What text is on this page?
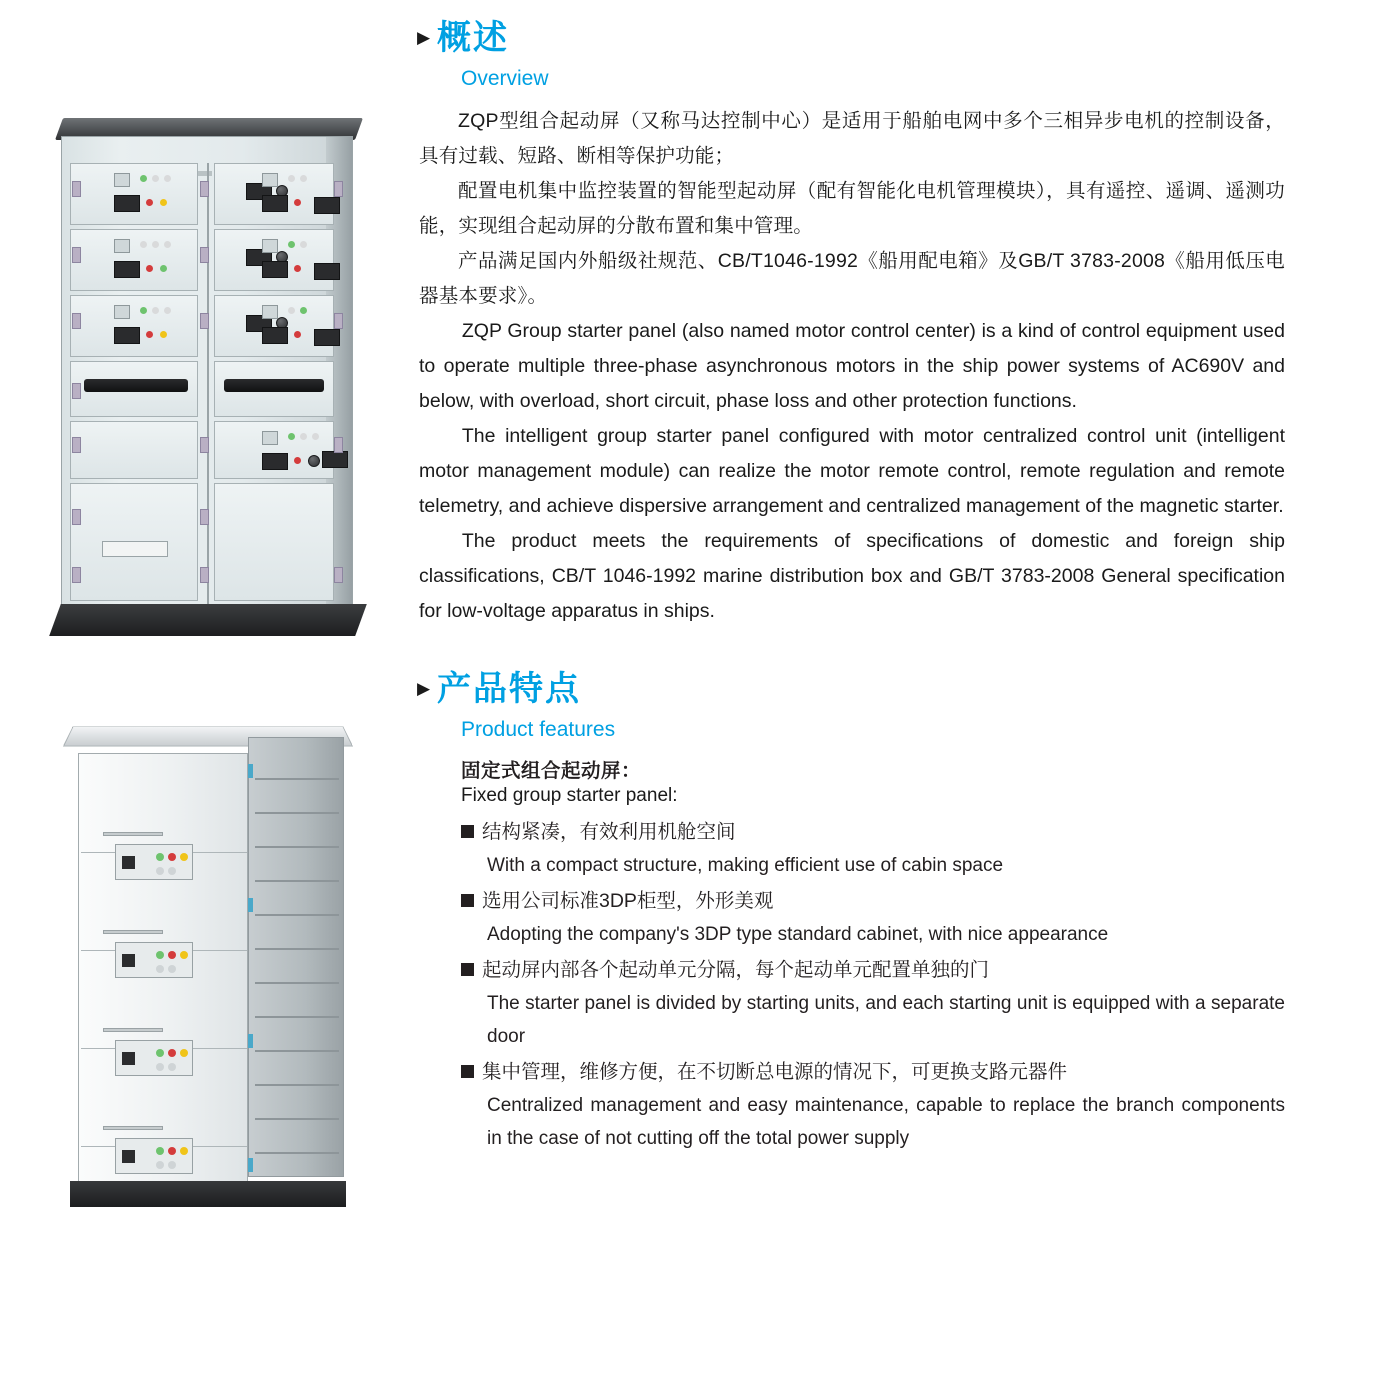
▶ 概述
Overview

ZQP型组合起动屏（又称马达控制中心）是适用于船舶电网中多个三相异步电机的控制设备，具有过载、短路、断相等保护功能；

配置电机集中监控装置的智能型起动屏（配有智能化电机管理模块），具有遥控、遥调、遥测功能，实现组合起动屏的分散布置和集中管理。

产品满足国内外船级社规范、CB/T1046-1992《船用配电箱》及GB/T 3783-2008《船用低压电器基本要求》。

ZQP Group starter panel (also named motor control center) is a kind of control equipment used to operate multiple three-phase asynchronous motors in the ship power systems of AC690V and below, with overload, short circuit, phase loss and other protection functions.

The intelligent group starter panel configured with motor centralized control unit (intelligent motor management module) can realize the motor remote control, remote regulation and remote telemetry, and achieve dispersive arrangement and centralized management of the magnetic starter.

The product meets the requirements of specifications of domestic and foreign ship classifications, CB/T 1046-1992 marine distribution box and GB/T 3783-2008 General specification for low-voltage apparatus in ships.

▶ 产品特点
Product features
固定式组合起动屏：
Fixed group starter panel:
结构紧凑，有效利用机舱空间
With a compact structure, making efficient use of cabin space
选用公司标准3DP柜型，外形美观
Adopting the company's 3DP type standard cabinet, with nice appearance
起动屏内部各个起动单元分隔，每个起动单元配置单独的门
The starter panel is divided by starting units, and each starting unit is equipped with a separate door
集中管理，维修方便，在不切断总电源的情况下，可更换支路元器件
Centralized management and easy maintenance, capable to replace the branch components in the case of not cutting off the total power supply
